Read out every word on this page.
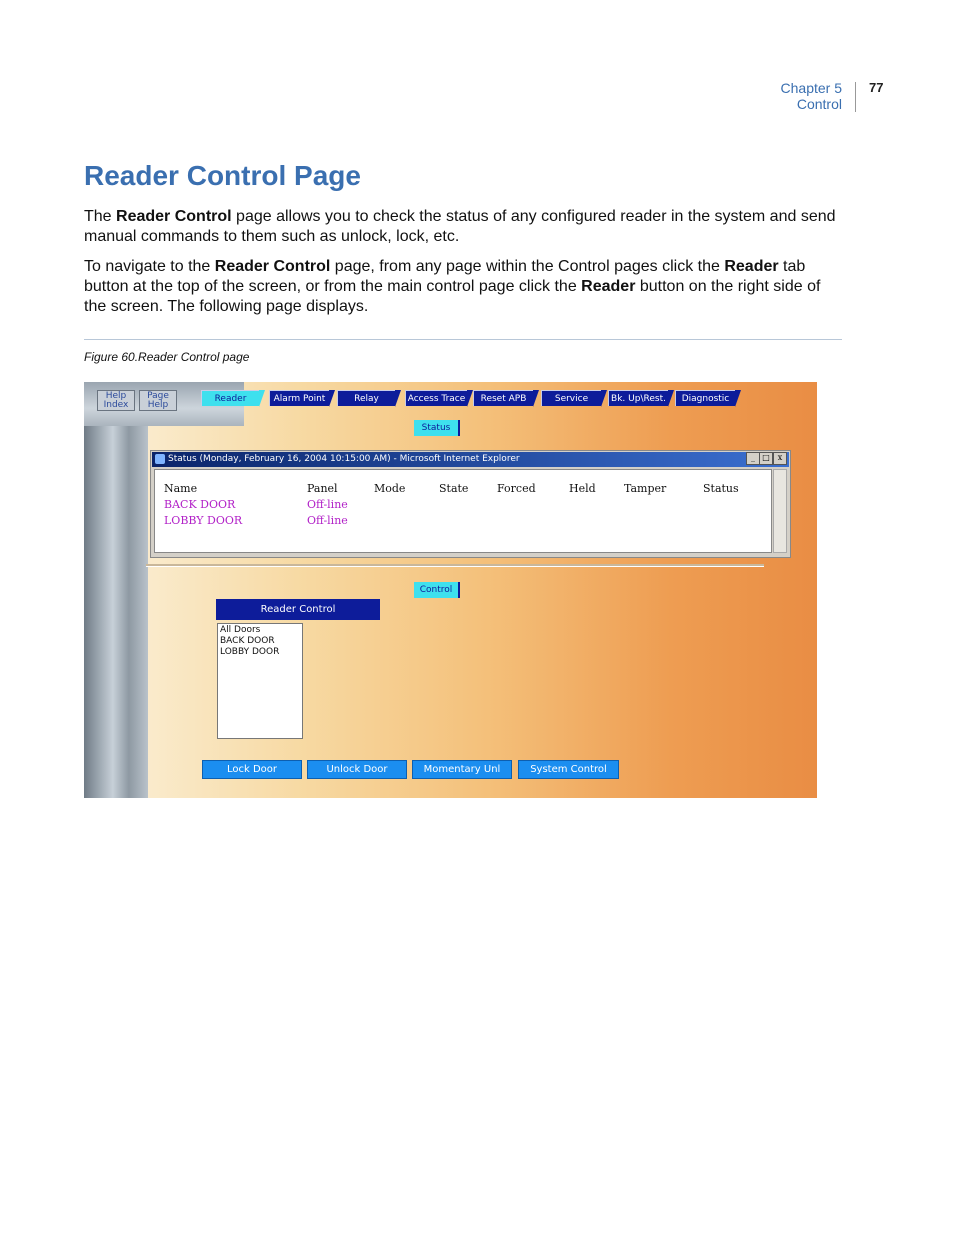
Chapter 5
Control
77
Reader Control Page

The Reader Control page allows you to check the status of any configured reader in the system and send manual commands to them such as unlock, lock, etc.

To navigate to the Reader Control page, from any page within the Control pages click the Reader tab button at the top of the screen, or from the main control page click the Reader button on the right side of the screen. The following page displays.

Figure 60.Reader Control page
Help
Index
Page
Help
Reader	Alarm Point	Relay	Access Trace	Reset APB	Service	Bk. Up\Rest.	Diagnostic
Status
Status (Monday, February 16, 2004 10:15:00 AM) - Microsoft Internet Explorer	_ □ x
Name	Panel	Mode	State	Forced	Held	Tamper	Status
BACK DOOR	Off-line
LOBBY DOOR	Off-line
Control
Reader Control
All Doors
BACK DOOR
LOBBY DOOR
Lock Door	Unlock Door	Momentary Unl	System Control
